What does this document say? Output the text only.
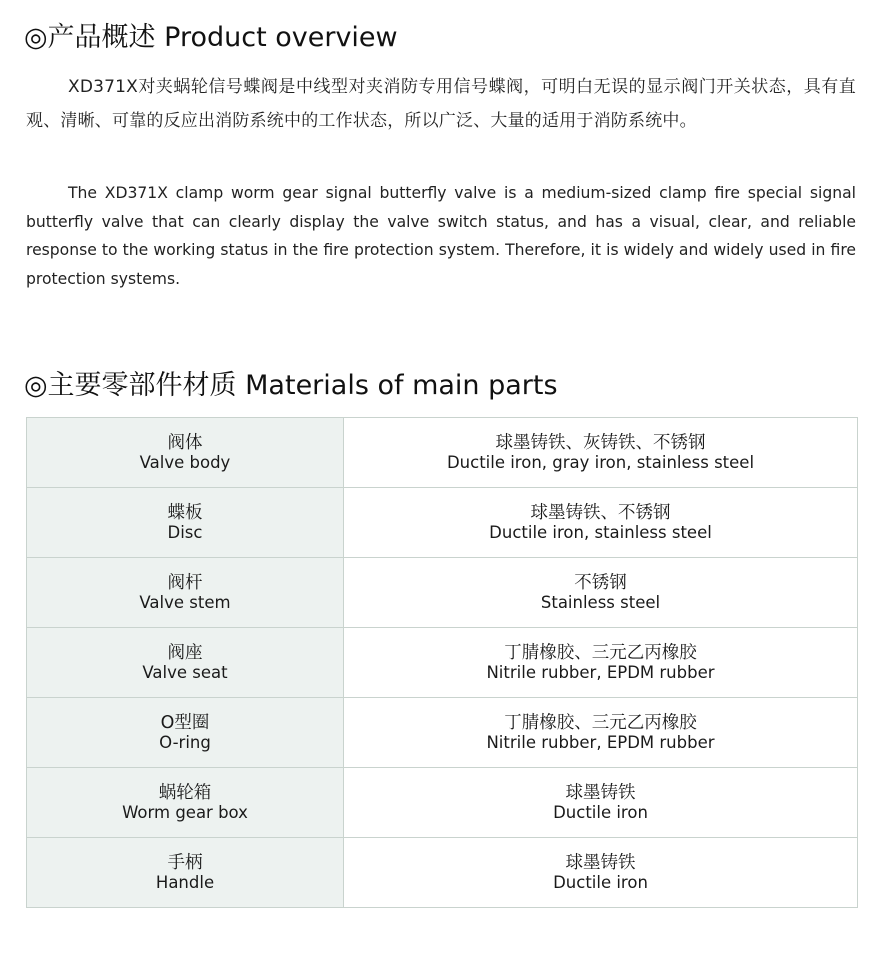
◎产品概述 Product overview

XD371X对夹蜗轮信号蝶阀是中线型对夹消防专用信号蝶阀，可明白无误的显示阀门开关状态，具有直观、清晰、可靠的反应出消防系统中的工作状态，所以广泛、大量的适用于消防系统中。

The XD371X clamp worm gear signal butterfly valve is a medium-sized clamp fire special signal butterfly valve that can clearly display the valve switch status, and has a visual, clear, and reliable response to the working status in the fire protection system. Therefore, it is widely and widely used in fire protection systems.

◎主要零部件材质 Materials of main parts
阀体
Valve body	球墨铸铁、灰铸铁、不锈钢
Ductile iron, gray iron, stainless steel

蝶板
Disc	球墨铸铁、不锈钢
Ductile iron, stainless steel

阀杆
Valve stem	不锈钢
Stainless steel

阀座
Valve seat	丁腈橡胶、三元乙丙橡胶
Nitrile rubber, EPDM rubber

O型圈
O-ring	丁腈橡胶、三元乙丙橡胶
Nitrile rubber, EPDM rubber

蜗轮箱
Worm gear box	球墨铸铁
Ductile iron

手柄
Handle	球墨铸铁
Ductile iron
